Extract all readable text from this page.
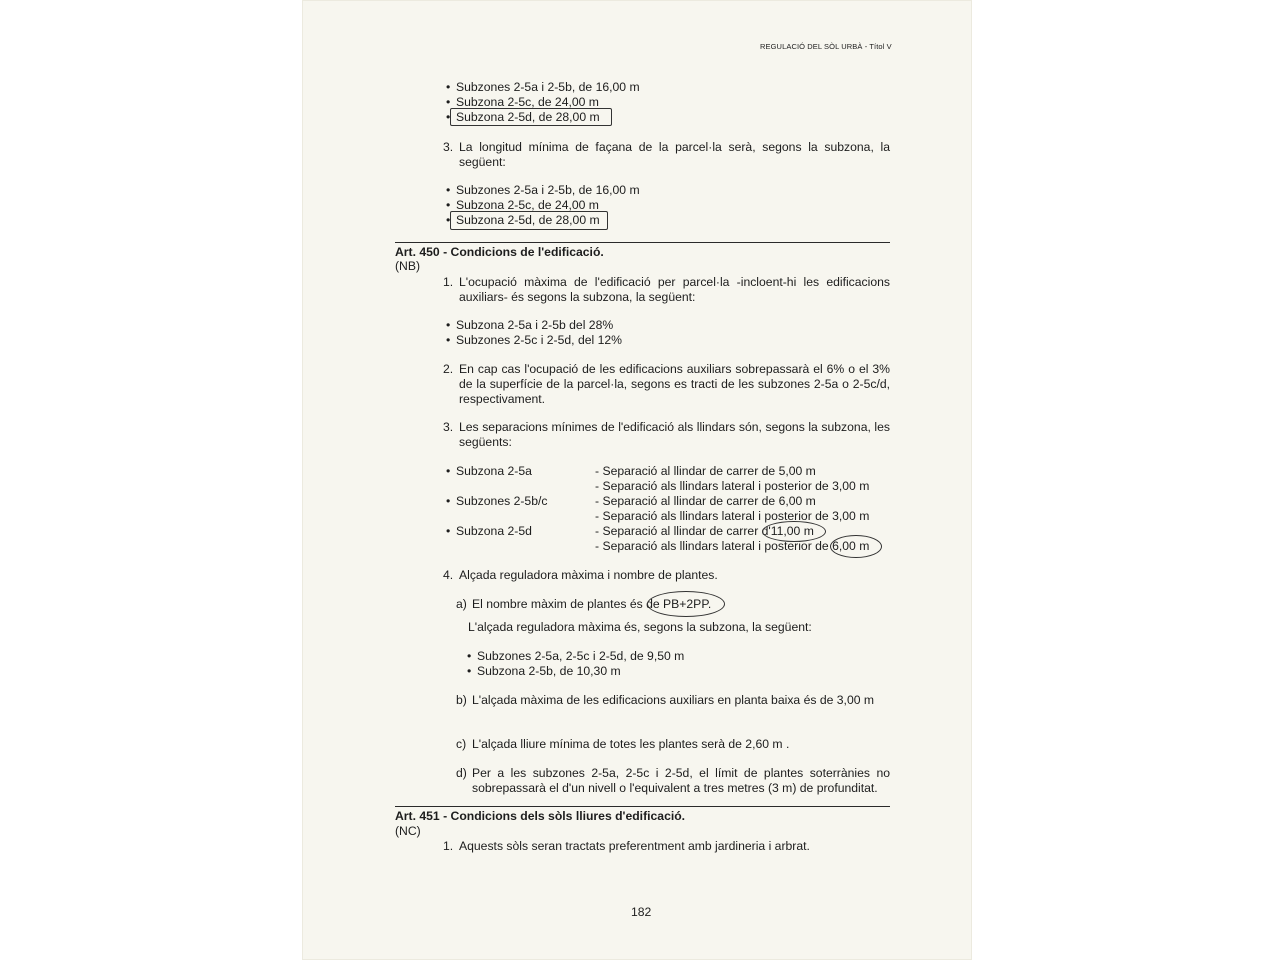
REGULACIÓ DEL SÒL URBÀ - Títol V
• Subzones 2-5a i 2-5b, de 16,00 m
• Subzona 2-5c, de 24,00 m
• Subzona 2-5d, de 28,00 m
3. La longitud mínima de façana de la parcel·la serà, segons la subzona, la següent:
• Subzones 2-5a i 2-5b, de 16,00 m
• Subzona 2-5c, de 24,00 m
• Subzona 2-5d, de 28,00 m
Art. 450 - Condicions de l'edificació.
(NB)
1. L'ocupació màxima de l'edificació per parcel·la -incloent-hi les edificacions auxiliars- és segons la subzona, la següent:
• Subzona 2-5a i 2-5b del 28%
• Subzones 2-5c i 2-5d, del 12%
2. En cap cas l'ocupació de les edificacions auxiliars sobrepassarà el 6% o el 3% de la superfície de la parcel·la, segons es tracti de les subzones 2-5a o 2-5c/d, respectivament.
3. Les separacions mínimes de l'edificació als llindars són, segons la subzona, les següents:
• Subzona 2-5a	- Separació al llindar de carrer de 5,00 m
- Separació als llindars lateral i posterior de 3,00 m
• Subzones 2-5b/c	- Separació al llindar de carrer de 6,00 m
- Separació als llindars lateral i posterior de 3,00 m
• Subzona 2-5d	- Separació al llindar de carrer d'11,00 m
- Separació als llindars lateral i posterior de 6,00 m
4. Alçada reguladora màxima i nombre de plantes.
a) El nombre màxim de plantes és de PB+2PP.
L'alçada reguladora màxima és, segons la subzona, la següent:
• Subzones 2-5a, 2-5c i 2-5d, de 9,50 m
• Subzona 2-5b, de 10,30 m
b) L'alçada màxima de les edificacions auxiliars en planta baixa és de 3,00 m
c) L'alçada lliure mínima de totes les plantes serà de 2,60 m .
d) Per a les subzones 2-5a, 2-5c i 2-5d, el límit de plantes soterrànies no sobrepassarà el d'un nivell o l'equivalent a tres metres (3 m) de profunditat.
Art. 451 - Condicions dels sòls lliures d'edificació.
(NC)
1. Aquests sòls seran tractats preferentment amb jardineria i arbrat.
182
